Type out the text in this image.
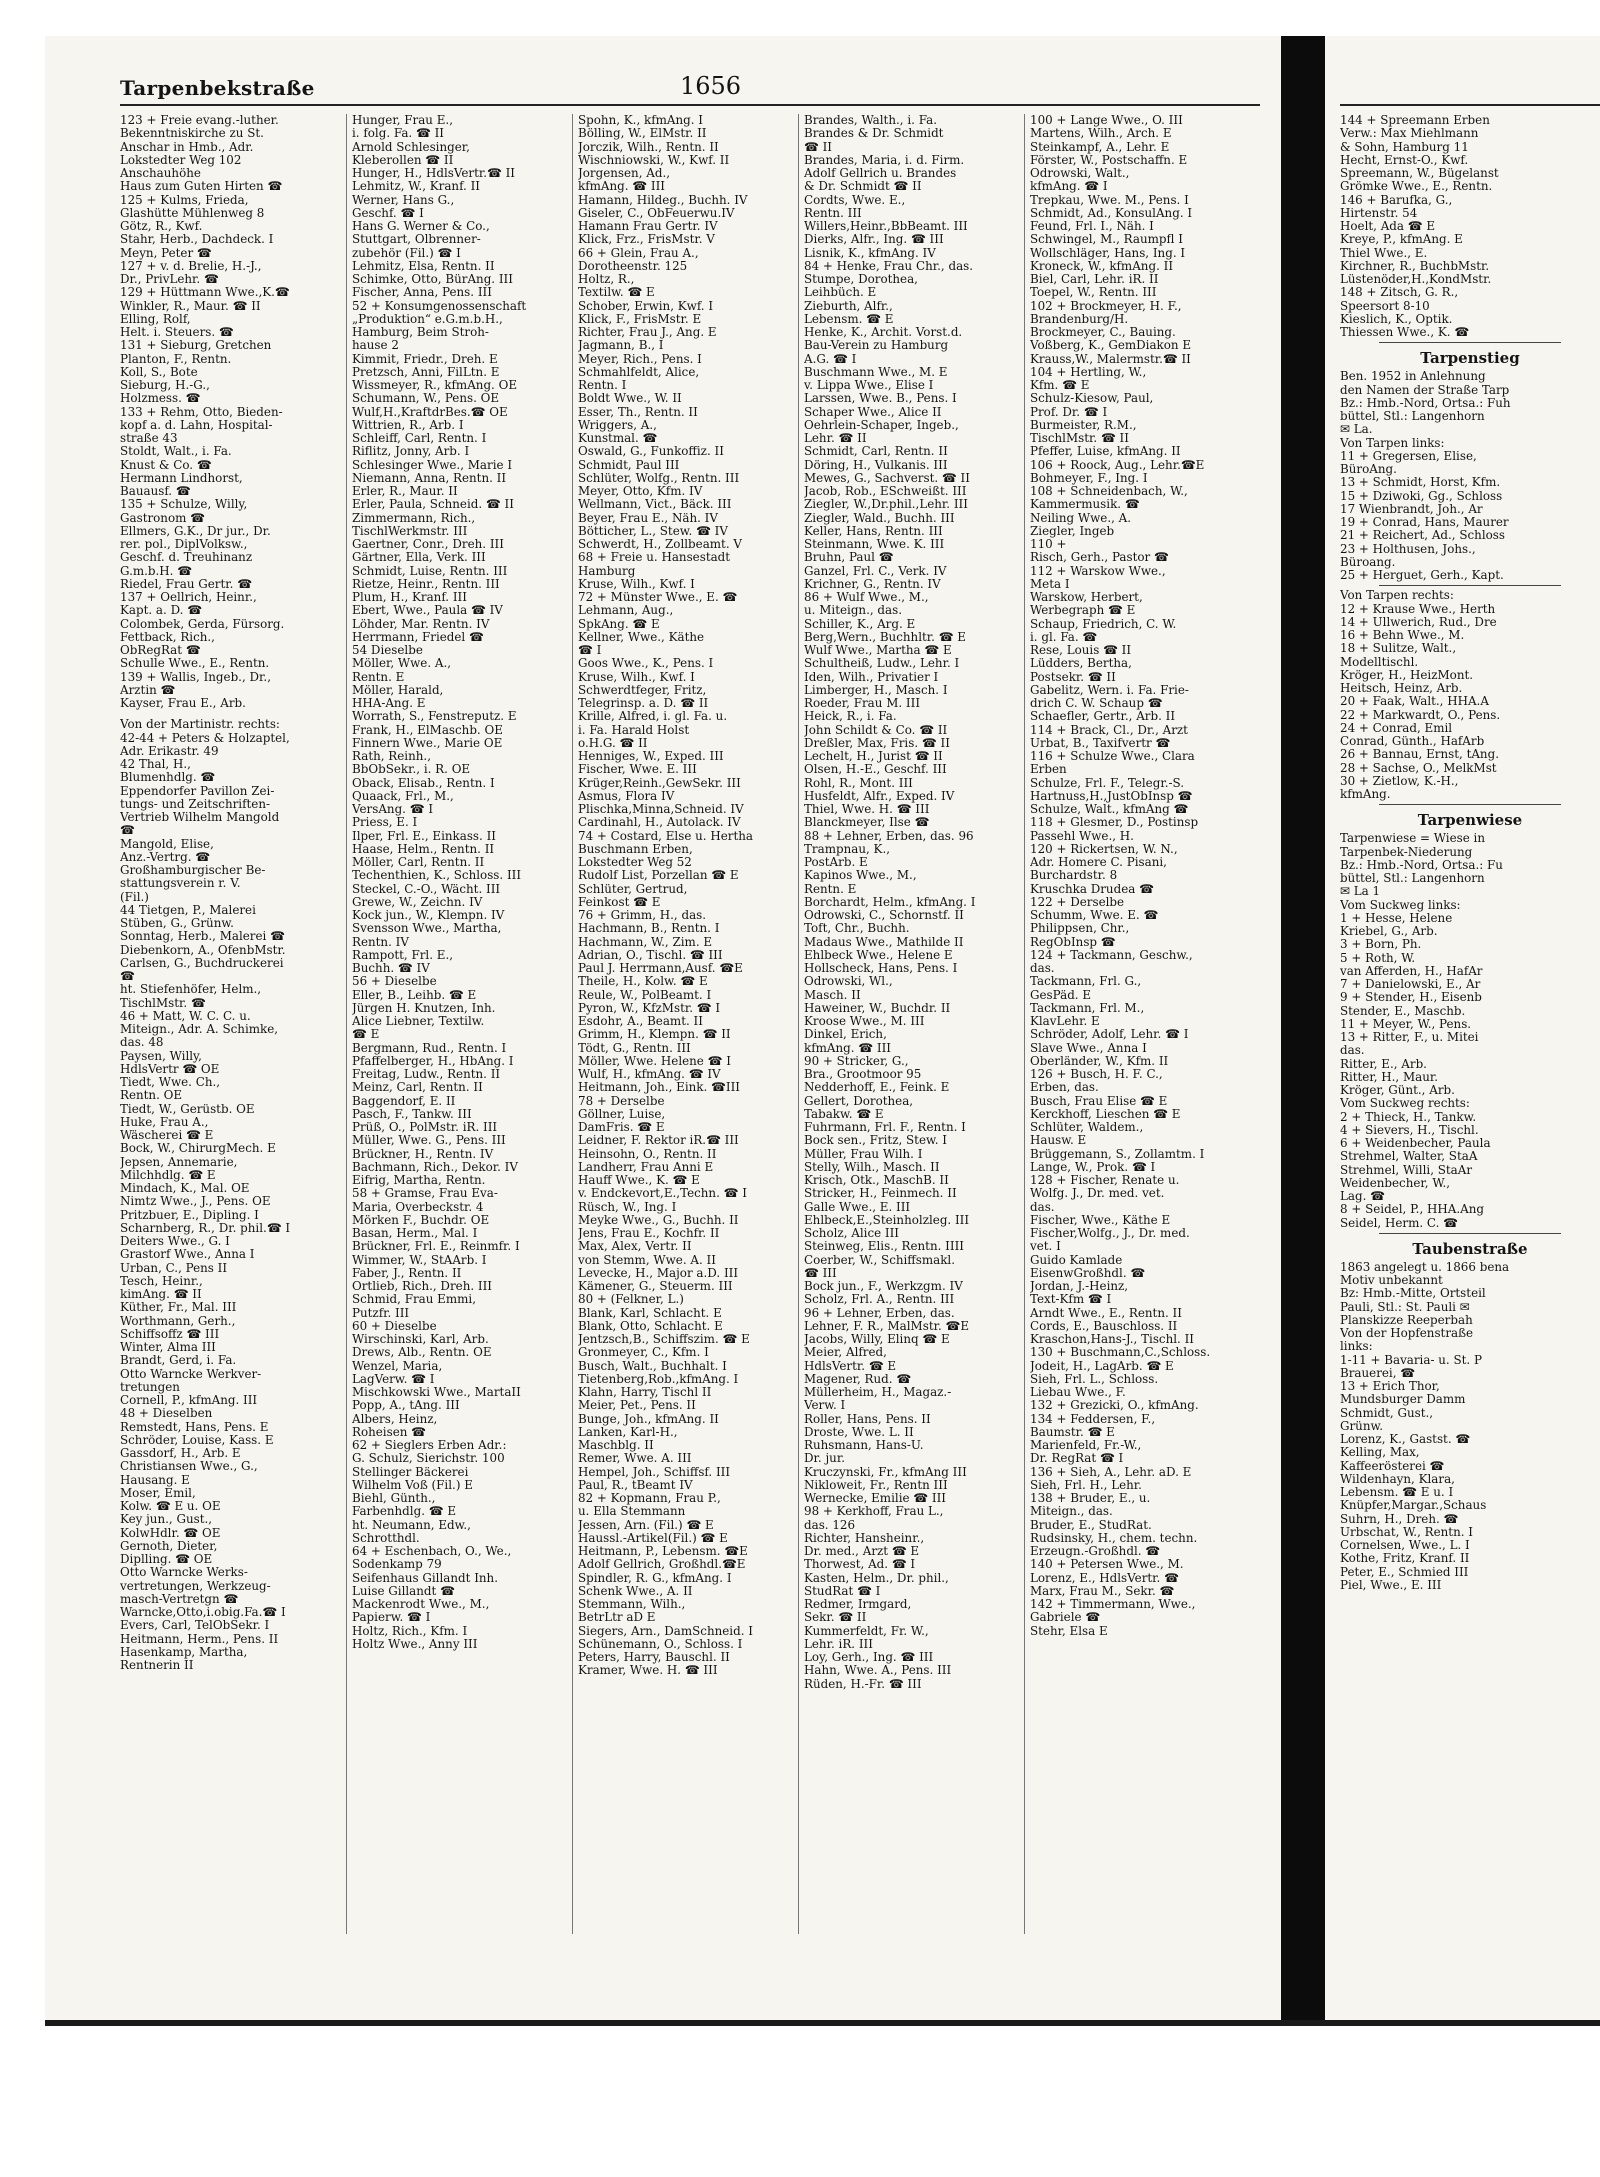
Tarpenbekstraße	1656
123 + Freie evang.-luther.
Bekenntniskirche zu St.
Anschar in Hmb., Adr.
Lokstedter Weg 102
Anschauhöhe
Haus zum Guten Hirten ☎
125 + Kulms, Frieda,
Glashütte Mühlenweg 8
Götz, R., Kwf.
Stahr, Herb., Dachdeck. I
Meyn, Peter ☎
127 + v. d. Brelie, H.-J.,
Dr., PrivLehr. ☎
129 + Hüttmann Wwe.,K.☎
Winkler, R., Maur. ☎ II
Elling, Rolf,
Helt. i. Steuers. ☎
131 + Sieburg, Gretchen
Planton, F., Rentn.
Koll, S., Bote
Sieburg, H.-G.,
Holzmess. ☎
133 + Rehm, Otto, Bieden-
kopf a. d. Lahn, Hospital-
straße 43
Stoldt, Walt., i. Fa.
Knust & Co. ☎
Hermann Lindhorst,
Bauausf. ☎
135 + Schulze, Willy,
Gastronom ☎
Ellmers, G.K., Dr jur., Dr.
rer. pol., DiplVolksw.,
Geschf. d. Treuhinanz
G.m.b.H. ☎
Riedel, Frau Gertr. ☎
137 + Oellrich, Heinr.,
Kapt. a. D. ☎
Colombek, Gerda, Fürsorg.
Fettback, Rich.,
ObRegRat ☎
Schulle Wwe., E., Rentn.
139 + Wallis, Ingeb., Dr.,
Ärztin ☎
Kayser, Frau E., Arb.
Von der Martinistr. rechts:
42-44 + Peters & Holzaptel,
Adr. Erikastr. 49
42 Thal, H.,
Blumenhdlg. ☎
Eppendorfer Pavillon Zei-
tungs- und Zeitschriften-
Vertrieb Wilhelm Mangold
☎
Mangold, Elise,
Anz.-Vertrg. ☎
Großhamburgischer Be-
stattungsverein r. V.
(Fil.)
44 Tietgen, P., Malerei
Stüben, G., Grünw.
Sonntag, Herb., Malerei ☎
Diebenkorn, A., OfenbMstr.
Carlsen, G., Buchdruckerei
☎
ht. Stiefenhöfer, Helm.,
TischlMstr. ☎
46 + Matt, W. C. C. u.
Miteign., Adr. A. Schimke,
das. 48
Paysen, Willy,
HdlsVertr ☎ OE
Tiedt, Wwe. Ch.,
Rentn. OE
Tiedt, W., Gerüstb. OE
Huke, Frau A.,
Wäscherei ☎ E
Bock, W., ChirurgMech. E
Jepsen, Annemarie,
Milchhdlg. ☎ E
Mindach, K., Mal. OE
Nimtz Wwe., J., Pens. OE
Pritzbuer, E., Dipling. I
Scharnberg, R., Dr. phil.☎ I
Deiters Wwe., G. I
Grastorf Wwe., Anna I
Urban, C., Pens II
Tesch, Heinr.,
kimAng. ☎ II
Küther, Fr., Mal. III
Worthmann, Gerh.,
Schiffsoffz ☎ III
Winter, Alma III
Brandt, Gerd, i. Fa.
Otto Warncke Werkver-
tretungen
Cornell, P., kfmAng. III
48 + Dieselben
Remstedt, Hans, Pens. E
Schröder, Louise, Kass. E
Gassdorf, H., Arb. E
Christiansen Wwe., G.,
Hausang. E
Moser, Emil,
Kolw. ☎ E u. OE
Key jun., Gust.,
KolwHdlr. ☎ OE
Gernoth, Dieter,
Diplling. ☎ OE
Otto Warncke Werks-
vertretungen, Werkzeug-
masch-Vertretgn ☎
Warncke,Otto,i.obig.Fa.☎ I
Evers, Carl, TelObSekr. I
Heitmann, Herm., Pens. II
Hasenkamp, Martha,
Rentnerin II
Hunger, Frau E.,
i. folg. Fa. ☎ II
Arnold Schlesinger,
Kleberollen ☎ II
Hunger, H., HdlsVertr.☎ II
Lehmitz, W., Kranf. II
Werner, Hans G.,
Geschf. ☎ I
Hans G. Werner & Co.,
Stuttgart, Ölbrenner-
zubehör (Fil.) ☎ I
Lehmitz, Elsa, Rentn. II
Schimke, Otto, BürAng. III
Fischer, Anna, Pens. III
52 + Konsumgenossenschaft
„Produktion“ e.G.m.b.H.,
Hamburg, Beim Stroh-
hause 2
Kimmit, Friedr., Dreh. E
Pretzsch, Anni, FilLtn. E
Wissmeyer, R., kfmAng. OE
Schumann, W., Pens. OE
Wulf,H.,KraftdrBes.☎ OE
Wittrien, R., Arb. I
Schleiff, Carl, Rentn. I
Riflitz, Jonny, Arb. I
Schlesinger Wwe., Marie I
Niemann, Anna, Rentn. II
Erler, R., Maur. II
Erler, Paula, Schneid. ☎ II
Zimmermann, Rich.,
TischlWerkmstr. III
Gaertner, Conr., Dreh. III
Gärtner, Ella, Verk. III
Schmidt, Luise, Rentn. III
Rietze, Heinr., Rentn. III
Plum, H., Kranf. III
Ebert, Wwe., Paula ☎ IV
Löhder, Mar. Rentn. IV
Herrmann, Friedel ☎
54 Dieselbe
Möller, Wwe. A.,
Rentn. E
Möller, Harald,
HHA-Ang. E
Worrath, S., Fenstreputz. E
Frank, H., ElMaschb. OE
Finnern Wwe., Marie OE
Rath, Reinh.,
BbObSekr., i. R. OE
Oback, Elisab., Rentn. I
Quaack, Frl., M.,
VersAng. ☎ I
Priess, E. I
Ilper, Frl. E., Einkass. II
Haase, Helm., Rentn. II
Möller, Carl, Rentn. II
Techenthien, K., Schloss. III
Steckel, C.-O., Wächt. III
Grewe, W., Zeichn. IV
Kock jun., W., Klempn. IV
Svensson Wwe., Martha,
Rentn. IV
Rampott, Frl. E.,
Buchh. ☎ IV
56 + Dieselbe
Eller, B., Leihb. ☎ E
Jürgen H. Knutzen, Inh.
Alice Liebner, Textilw.
☎ E
Bergmann, Rud., Rentn. I
Pfaffelberger, H., HbAng. I
Freitag, Ludw., Rentn. II
Meinz, Carl, Rentn. II
Baggendorf, E. II
Pasch, F., Tankw. III
Prüß, O., PolMstr. iR. III
Müller, Wwe. G., Pens. III
Brückner, H., Rentn. IV
Bachmann, Rich., Dekor. IV
Eifrig, Martha, Rentn.
58 + Gramse, Frau Eva-
Maria, Overbeckstr. 4
Mörken F., Buchdr. OE
Basan, Herm., Mal. I
Brückner, Frl. E., Reinmfr. I
Wimmer, W., StAArb. I
Faber, J., Rentn. II
Ortlieb, Rich., Dreh. III
Schmid, Frau Emmi,
Putzfr. III
60 + Dieselbe
Wirschinski, Karl, Arb.
Drews, Alb., Rentn. OE
Wenzel, Maria,
LagVerw. ☎ I
Mischkowski Wwe., MartaII
Popp, A., tAng. III
Albers, Heinz,
Roheisen ☎
62 + Sieglers Erben Adr.:
G. Schulz, Sierichstr. 100
Stellinger Bäckerei
Wilhelm Voß (Fil.) E
Biehl, Günth.,
Farbenhdlg. ☎ E
ht. Neumann, Edw.,
Schrotthdl.
64 + Eschenbach, O., We.,
Sodenkamp 79
Seifenhaus Gillandt Inh.
Luise Gillandt ☎
Mackenrodt Wwe., M.,
Papierw. ☎ I
Holtz, Rich., Kfm. I
Holtz Wwe., Anny III
Spohn, K., kfmAng. I
Bölling, W., ElMstr. II
Jorczik, Wilh., Rentn. II
Wischniowski, W., Kwf. II
Jorgensen, Ad.,
kfmAng. ☎ III
Hamann, Hildeg., Buchh. IV
Giseler, C., ObFeuerwu.IV
Hamann Frau Gertr. IV
Klick, Frz., FrisMstr. V
66 + Glein, Frau A.,
Dorotheenstr. 125
Holtz, R.,
Textilw. ☎ E
Schober, Erwin, Kwf. I
Klick, F., FrisMstr. E
Richter, Frau J., Ang. E
Jagmann, B., I
Meyer, Rich., Pens. I
Schmahlfeldt, Alice,
Rentn. I
Boldt Wwe., W. II
Esser, Th., Rentn. II
Wriggers, A.,
Kunstmal. ☎
Oswald, G., Funkoffiz. II
Schmidt, Paul III
Schlüter, Wolfg., Rentn. III
Meyer, Otto, Kfm. IV
Wellmann, Vict., Bäck. III
Beyer, Frau E., Näh. IV
Bötticher, L., Stew. ☎ IV
Schwerdt, H., Zollbeamt. V
68 + Freie u. Hansestadt
Hamburg
Kruse, Wilh., Kwf. I
72 + Münster Wwe., E. ☎
Lehmann, Aug.,
SpkAng. ☎ E
Kellner, Wwe., Käthe
☎ I
Goos Wwe., K., Pens. I
Kruse, Wilh., Kwf. I
Schwerdtfeger, Fritz,
Telegrinsp. a. D. ☎ II
Krille, Alfred, i. gl. Fa. u.
i. Fa. Harald Holst
o.H.G. ☎ II
Henniges, W., Exped. III
Fischer, Wwe. E. III
Krüger,Reinh.,GewSekr. III
Asmus, Flora IV
Plischka,Minna,Schneid. IV
Cardinahl, H., Autolack. IV
74 + Costard, Else u. Hertha
Buschmann Erben,
Lokstedter Weg 52
Rudolf List, Porzellan ☎ E
Schlüter, Gertrud,
Feinkost ☎ E
76 + Grimm, H., das.
Hachmann, B., Rentn. I
Hachmann, W., Zim. E
Adrian, O., Tischl. ☎ III
Paul J. Herrmann,Ausf. ☎E
Theile, H., Kolw. ☎ E
Reule, W., PolBeamt. I
Pyron, W., KfzMstr. ☎ I
Esdohr, A., Beamt. II
Grimm, H., Klempn. ☎ II
Tödt, G., Rentn. III
Möller, Wwe. Helene ☎ I
Wulf, H., kfmAng. ☎ IV
Heitmann, Joh., Eink. ☎III
78 + Derselbe
Göllner, Luise,
DamFris. ☎ E
Leidner, F. Rektor iR.☎ III
Heinsohn, O., Rentn. II
Landherr, Frau Anni E
Hauff Wwe., K. ☎ E
v. Endckevort,E.,Techn. ☎ I
Rüsch, W., Ing. I
Meyke Wwe., G., Buchh. II
Jens, Frau E., Kochfr. II
Max, Alex, Vertr. II
von Stemm, Wwe. A. II
Levecke, H., Major a.D. III
Kämener, G., Steuerm. III
80 + (Felkner, L.)
Blank, Karl, Schlacht. E
Blank, Otto, Schlacht. E
Jentzsch,B., Schiffszim. ☎ E
Gronmeyer, C., Kfm. I
Busch, Walt., Buchhalt. I
Tietenberg,Rob.,kfmAng. I
Klahn, Harry, Tischl II
Meier, Pet., Pens. II
Bunge, Joh., kfmAng. II
Lanken, Karl-H.,
Maschblg. II
Remer, Wwe. A. III
Hempel, Joh., Schiffsf. III
Paul, R., tBeamt IV
82 + Kopmann, Frau P.,
u. Ella Stemmann
Jessen, Arn. (Fil.) ☎ E
Haussl.-Artikel(Fil.) ☎ E
Heitmann, P., Lebensm. ☎E
Adolf Gellrich, Großhdl.☎E
Spindler, R. G., kfmAng. I
Schenk Wwe., A. II
Stemmann, Wilh.,
BetrLtr aD E
Siegers, Arn., DamSchneid. I
Schünemann, O., Schloss. I
Peters, Harry, Bauschl. II
Kramer, Wwe. H. ☎ III
Brandes, Walth., i. Fa.
Brandes & Dr. Schmidt
☎ II
Brandes, Maria, i. d. Firm.
Adolf Gellrich u. Brandes
& Dr. Schmidt ☎ II
Cordts, Wwe. E.,
Rentn. III
Willers,Heinr.,BbBeamt. III
Dierks, Alfr., Ing. ☎ III
Lisnik, K., kfmAng. IV
84 + Henke, Frau Chr., das.
Stumpe, Dorothea,
Leihbüch. E
Zieburth, Alfr.,
Lebensm. ☎ E
Henke, K., Archit. Vorst.d.
Bau-Verein zu Hamburg
A.G. ☎ I
Buschmann Wwe., M. E
v. Lippa Wwe., Elise I
Larssen, Wwe. B., Pens. I
Schaper Wwe., Alice II
Oehrlein-Schaper, Ingeb.,
Lehr. ☎ II
Schmidt, Carl, Rentn. II
Döring, H., Vulkanis. III
Mewes, G., Sachverst. ☎ II
Jacob, Rob., ESchweißt. III
Ziegler, W.,Dr.phil.,Lehr. III
Ziegler, Wald., Buchh. III
Keller, Hans, Rentn. III
Steinmann, Wwe. K. III
Bruhn, Paul ☎
Ganzel, Frl. C., Verk. IV
Krichner, G., Rentn. IV
86 + Wulf Wwe., M.,
u. Miteign., das.
Schiller, K., Arg. E
Berg,Wern., Buchhltr. ☎ E
Wulf Wwe., Martha ☎ E
Schultheiß, Ludw., Lehr. I
Iden, Wilh., Privatier I
Limberger, H., Masch. I
Roeder, Frau M. III
Heick, R., i. Fa.
John Schildt & Co. ☎ II
Dreßler, Max, Fris. ☎ II
Lechelt, H., Jurist ☎ II
Olsen, H.-E., Geschf. III
Rohl, R., Mont. III
Husfeldt, Alfr., Exped. IV
Thiel, Wwe. H. ☎ III
Blanckmeyer, Ilse ☎
88 + Lehner, Erben, das. 96
Trampnau, K.,
PostArb. E
Kapinos Wwe., M.,
Rentn. E
Borchardt, Helm., kfmAng. I
Odrowski, C., Schornstf. II
Toft, Chr., Buchh.
Madaus Wwe., Mathilde II
Ehlbeck Wwe., Helene E
Hollscheck, Hans, Pens. I
Odrowski, Wl.,
Masch. II
Haweiner, W., Buchdr. II
Kroose Wwe., M. III
Dinkel, Erich,
kfmAng. ☎ III
90 + Stricker, G.,
Bra., Grootmoor 95
Nedderhoff, E., Feink. E
Gellert, Dorothea,
Tabakw. ☎ E
Fuhrmann, Frl. F., Rentn. I
Bock sen., Fritz, Stew. I
Müller, Frau Wilh. I
Stelly, Wilh., Masch. II
Krisch, Otk., MaschB. II
Stricker, H., Feinmech. II
Galle Wwe., E. III
Ehlbeck,E.,Steinholzleg. III
Scholz, Alice III
Steinweg, Elis., Rentn. IIII
Coerber, W., Schiffsmakl.
☎ III
Bock jun., F., Werkzgm. IV
Scholz, Frl. A., Rentn. III
96 + Lehner, Erben, das.
Lehner, F. R., MalMstr. ☎E
Jacobs, Willy, Elinq ☎ E
Meier, Alfred,
HdlsVertr. ☎ E
Magener, Rud. ☎
Müllerheim, H., Magaz.-
Verw. I
Roller, Hans, Pens. II
Droste, Wwe. L. II
Ruhsmann, Hans-U.
Dr. jur.
Kruczynski, Fr., kfmAng III
Nikloweit, Fr., Rentn III
Wernecke, Emilie ☎ III
98 + Kerkhoff, Frau L.,
das. 126
Richter, Hansheinr.,
Dr. med., Arzt ☎ E
Thorwest, Ad. ☎ I
Kasten, Helm., Dr. phil.,
StudRat ☎ I
Redmer, Irmgard,
Sekr. ☎ II
Kummerfeldt, Fr. W.,
Lehr. iR. III
Loy, Gerh., Ing. ☎ III
Hahn, Wwe. A., Pens. III
Rüden, H.-Fr. ☎ III
100 + Lange Wwe., O. III
Martens, Wilh., Arch. E
Steinkampf, A., Lehr. E
Förster, W., Postschaffn. E
Odrowski, Walt.,
kfmAng. ☎ I
Trepkau, Wwe. M., Pens. I
Schmidt, Ad., KonsulAng. I
Feund, Frl. I., Näh. I
Schwingel, M., Raumpfl I
Wollschläger, Hans, Ing. I
Kroneck, W., kfmAng. II
Biel, Carl, Lehr. iR. II
Toepel, W., Rentn. III
102 + Brockmeyer, H. F.,
Brandenburg/H.
Brockmeyer, C., Bauing.
Voßberg, K., GemDiakon E
Krauss,W., Malermstr.☎ II
104 + Hertling, W.,
Kfm. ☎ E
Schulz-Kiesow, Paul,
Prof. Dr. ☎ I
Burmeister, R.M.,
TischlMstr. ☎ II
Pfeffer, Luise, kfmAng. II
106 + Roock, Aug., Lehr.☎E
Bohmeyer, F., Ing. I
108 + Schneidenbach, W.,
Kammermusik. ☎
Neiling Wwe., A.
Ziegler, Ingeb
110 +
Risch, Gerh., Pastor ☎
112 + Warskow Wwe.,
Meta I
Warskow, Herbert,
Werbegraph ☎ E
Schaup, Friedrich, C. W.
i. gl. Fa. ☎
Rese, Louis ☎ II
Lüdders, Bertha,
Postsekr. ☎ II
Gabelitz, Wern. i. Fa. Frie-
drich C. W. Schaup ☎
Schaefler, Gertr., Arb. II
114 + Brack, Cl., Dr., Arzt
Urbat, B., Taxifvertr ☎
116 + Schulze Wwe., Clara
Erben
Schulze, Frl. F., Telegr.-S.
Hartnuss,H.,JustObInsp ☎
Schulze, Walt., kfmAng ☎
118 + Glesmer, D., Postinsp
Passehl Wwe., H.
120 + Rickertsen, W. N.,
Adr. Homere C. Pisani,
Burchardstr. 8
Kruschka Drudea ☎
122 + Derselbe
Schumm, Wwe. E. ☎
Philippsen, Chr.,
RegObInsp ☎
124 + Tackmann, Geschw.,
das.
Tackmann, Frl. G.,
GesPäd. E
Tackmann, Frl. M.,
KlavLehr. E
Schröder, Adolf, Lehr. ☎ I
Slave Wwe., Anna I
Oberländer, W., Kfm. II
126 + Busch, H. F. C.,
Erben, das.
Busch, Frau Elise ☎ E
Kerckhoff, Lieschen ☎ E
Schlüter, Waldem.,
Hausw. E
Brüggemann, S., Zollamtm. I
Lange, W., Prok. ☎ I
128 + Fischer, Renate u.
Wolfg. J., Dr. med. vet.
das.
Fischer, Wwe., Käthe E
Fischer,Wolfg., J., Dr. med.
vet. I
Guido Kamlade
EisenwGroßhdl. ☎
Jordan, J.-Heinz,
Text-Kfm ☎ I
Arndt Wwe., E., Rentn. II
Cords, E., Bauschloss. II
Kraschon,Hans-J., Tischl. II
130 + Buschmann,C.,Schloss.
Jodeit, H., LagArb. ☎ E
Sieh, Frl. L., Schloss.
Liebau Wwe., F.
132 + Grezicki, O., kfmAng.
134 + Feddersen, F.,
Baumstr. ☎ E
Marienfeld, Fr.-W.,
Dr. RegRat ☎ I
136 + Sieh, A., Lehr. aD. E
Sieh, Frl. H., Lehr.
138 + Bruder, E., u.
Miteign., das.
Bruder, E., StudRat.
Rudsinsky, H., chem. techn.
Erzeugn.-Großhdl. ☎
140 + Petersen Wwe., M.
Lorenz, E., HdlsVertr. ☎
Marx, Frau M., Sekr. ☎
142 + Timmermann, Wwe.,
Gabriele ☎
Stehr, Elsa E
144 + Spreemann Erben
Verw.: Max Miehlmann
& Sohn, Hamburg 11
Hecht, Ernst-O., Kwf.
Spreemann, W., Bügelanst
Grömke Wwe., E., Rentn.
146 + Barufka, G.,
Hirtenstr. 54
Hoelt, Ada ☎ E
Kreye, P., kfmAng. E
Thiel Wwe., E.
Kirchner, R., BuchbMstr.
Lüstenöder,H.,KondMstr.
148 + Zitsch, G. R.,
Speersort 8-10
Kieslich, K., Optik.
Thiessen Wwe., K. ☎
Tarpenstieg
Ben. 1952 in Anlehnung
den Namen der Straße Tarp
Bz.: Hmb.-Nord, Ortsa.: Fuh
büttel, Stl.: Langenhorn
✉ La.
Von Tarpen links:
11 + Gregersen, Elise,
BüroAng.
13 + Schmidt, Horst, Kfm.
15 + Dziwoki, Gg., Schloss
17 Wienbrandt, Joh., Ar
19 + Conrad, Hans, Maurer
21 + Reichert, Ad., Schloss
23 + Holthusen, Johs.,
Büroang.
25 + Herguet, Gerh., Kapt.
Von Tarpen rechts:
12 + Krause Wwe., Herth
14 + Ullwerich, Rud., Dre
16 + Behn Wwe., M.
18 + Sulitze, Walt.,
Modelltischl.
Kröger, H., HeizMont.
Heitsch, Heinz, Arb.
20 + Faak, Walt., HHA.A
22 + Markwardt, O., Pens.
24 + Conrad, Emil
Conrad, Günth., HafArb
26 + Bannau, Ernst, tAng.
28 + Sachse, O., MelkMst
30 + Zietlow, K.-H.,
kfmAng.
Tarpenwiese
Tarpenwiese = Wiese in
Tarpenbek-Niederung
Bz.: Hmb.-Nord, Ortsa.: Fu
büttel, Stl.: Langenhorn
✉ La 1
Vom Suckweg links:
1 + Hesse, Helene
Kriebel, G., Arb.
3 + Born, Ph.
5 + Roth, W.
van Afferden, H., HafAr
7 + Danielowski, E., Ar
9 + Stender, H., Eisenb
Stender, E., Maschb.
11 + Meyer, W., Pens.
13 + Ritter, F., u. Mitei
das.
Ritter, E., Arb.
Ritter, H., Maur.
Kröger, Günt., Arb.
Vom Suckweg rechts:
2 + Thieck, H., Tankw.
4 + Sievers, H., Tischl.
6 + Weidenbecher, Paula
Strehmel, Walter, StaA
Strehmel, Willi, StaAr
Weidenbecher, W.,
Lag. ☎
8 + Seidel, P., HHA.Ang
Seidel, Herm. C. ☎
Taubenstraße
1863 angelegt u. 1866 bena
Motiv unbekannt
Bz: Hmb.-Mitte, Ortsteil
Pauli, Stl.: St. Pauli ✉
Planskizze Reeperbah
Von der Hopfenstraße
links:
1-11 + Bavaria- u. St. P
Brauerei, ☎
13 + Erich Thor,
Mundsburger Damm
Schmidt, Gust.,
Grünw.
Lorenz, K., Gastst. ☎
Kelling, Max,
Kaffeerösterei ☎
Wildenhayn, Klara,
Lebensm. ☎ E u. I
Knüpfer,Margar.,Schaus
Suhrn, H., Dreh. ☎
Urbschat, W., Rentn. I
Cornelsen, Wwe., L. I
Kothe, Fritz, Kranf. II
Peter, E., Schmied III
Piel, Wwe., E. III
